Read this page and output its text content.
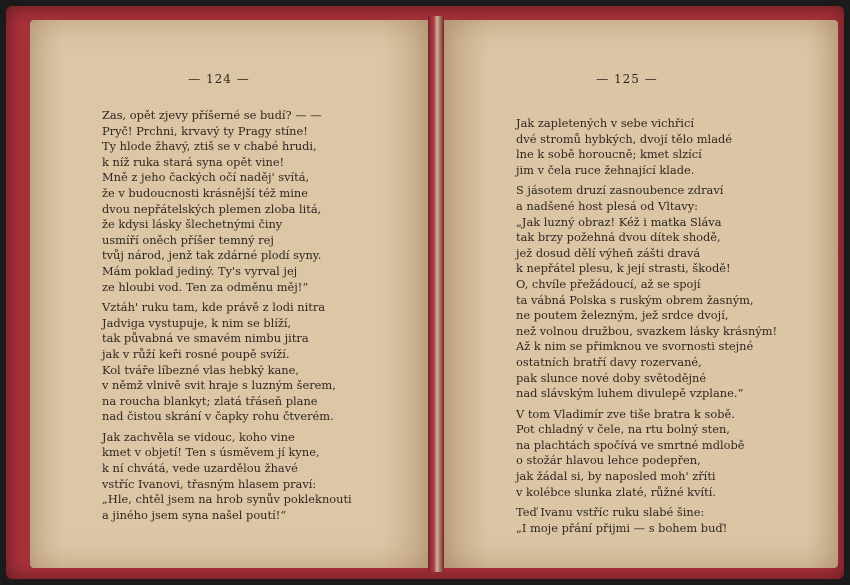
— 124 —
Zas, opět zjevy příšerné se budí? — —
Pryč! Prchni, krvavý ty Pragy stíne!
Ty hlode žhavý, ztiš se v chabé hrudi,
k níž ruka stará syna opět vine!
Mně z jeho čackých očí naděj' svítá,
že v budoucnosti krásnější též mine
dvou nepřátelských plemen zloba litá,
že kdysi lásky šlechetnými činy
usmíří oněch příšer temný rej
tvůj národ, jenž tak zdárné plodí syny.
Mám poklad jediný. Ty's vyrval jej
ze hloubi vod. Ten za odměnu měj!“
Vztáh' ruku tam, kde právě z lodi nitra
Jadviga vystupuje, k nim se blíží,
tak půvabná ve smavém nimbu jitra
jak v růží keři rosné poupě svíží.
Kol tváře líbezné vlas hebký kane,
v němž vlnivě svit hraje s luzným šerem,
na roucha blankyt; zlatá třáseň plane
nad čistou skrání v čapky rohu čtverém.
Jak zachvěla se vidouc, koho vine
kmet v objetí! Ten s úsměvem jí kyne,
k ní chvátá, vede uzardělou žhavé
vstříc Ivanovi, třasným hlasem praví:
„Hle, chtěl jsem na hrob synův pokleknouti
a jiného jsem syna našel poutí!“
— 125 —
Jak zapletených v sebe vichřicí
dvé stromů hybkých, dvojí tělo mladé
lne k sobě horoucně; kmet slzící
jim v čela ruce žehnající klade.
S jásotem druzí zasnoubence zdraví
a nadšené host plesá od Vltavy:
„Jak luzný obraz! Kéž i matka Sláva
tak brzy požehná dvou dítek shodě,
jež dosud dělí výheň zášti dravá
k nepřátel plesu, k její strasti, škodě!
O, chvíle přežádoucí, až se spojí
ta vábná Polska s ruským obrem žasným,
ne poutem železným, jež srdce dvojí,
než volnou družbou, svazkem lásky krásným!
Až k nim se přimknou ve svornosti stejné
ostatních bratří davy rozervané,
pak slunce nové doby světodějné
nad slávským luhem divulepě vzplane.“
V tom Vladimír zve tiše bratra k sobě.
Pot chladný v čele, na rtu bolný sten,
na plachtách spočívá ve smrtné mdlobě
o stožár hlavou lehce podepřen,
jak žádal si, by naposled moh' zříti
v kolébce slunka zlaté, růžné kvítí.
Teď Ivanu vstříc ruku slabé šine:
„I moje přání přijmi — s bohem buď!
